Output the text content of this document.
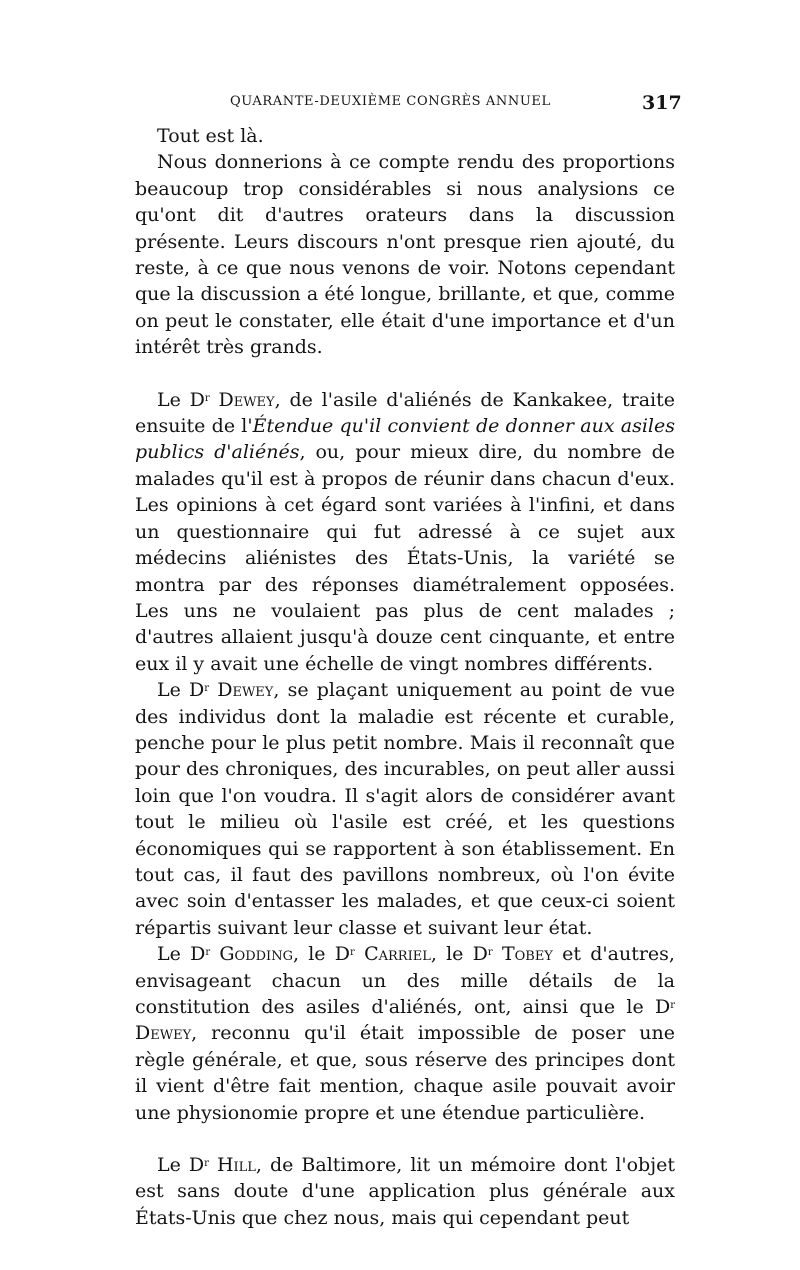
QUARANTE-DEUXIÈME CONGRÈS ANNUEL	317

Tout est là.

Nous donnerions à ce compte rendu des proportions beaucoup trop considérables si nous analysions ce qu'ont dit d'autres orateurs dans la discussion présente. Leurs discours n'ont presque rien ajouté, du reste, à ce que nous venons de voir. Notons cependant que la discussion a été longue, brillante, et que, comme on peut le constater, elle était d'une importance et d'un intérêt très grands.

Le $D^r$ Dewey, de l'asile d'aliénés de Kankakee, traite ensuite de l'Étendue qu'il convient de donner aux asiles publics d'aliénés, ou, pour mieux dire, du nombre de malades qu'il est à propos de réunir dans chacun d'eux. Les opinions à cet égard sont variées à l'infini, et dans un questionnaire qui fut adressé à ce sujet aux médecins aliénistes des États-Unis, la variété se montra par des réponses diamétralement opposées. Les uns ne voulaient pas plus de cent malades ; d'autres allaient jusqu'à douze cent cinquante, et entre eux il y avait une échelle de vingt nombres différents.

Le $D^r$ Dewey, se plaçant uniquement au point de vue des individus dont la maladie est récente et curable, penche pour le plus petit nombre. Mais il reconnaît que pour des chroniques, des incurables, on peut aller aussi loin que l'on voudra. Il s'agit alors de considérer avant tout le milieu où l'asile est créé, et les questions économiques qui se rapportent à son établissement. En tout cas, il faut des pavillons nombreux, où l'on évite avec soin d'entasser les malades, et que ceux-ci soient répartis suivant leur classe et suivant leur état.

Le $D^r$ Godding, le $D^r$ Carriel, le $D^r$ Tobey et d'autres, envisageant chacun un des mille détails de la constitution des asiles d'aliénés, ont, ainsi que le $D^r$ Dewey, reconnu qu'il était impossible de poser une règle générale, et que, sous réserve des principes dont il vient d'être fait mention, chaque asile pouvait avoir une physionomie propre et une étendue particulière.

Le $D^r$ Hill, de Baltimore, lit un mémoire dont l'objet est sans doute d'une application plus générale aux États-Unis que chez nous, mais qui cependant peut
